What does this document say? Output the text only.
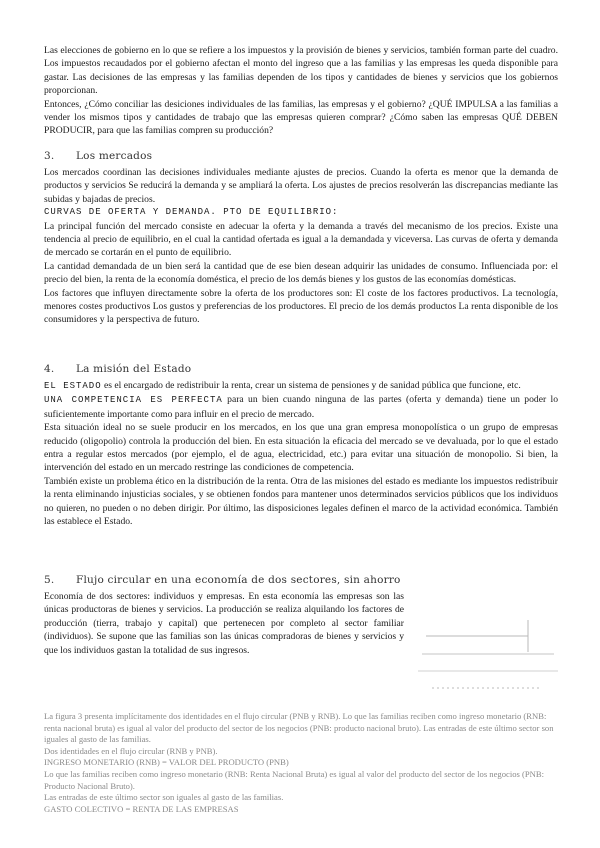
Las elecciones de gobierno en lo que se refiere a los impuestos y la provisión de bienes y servicios, también forman parte del cuadro. Los impuestos recaudados por el gobierno afectan el monto del ingreso que a las familias y las empresas les queda disponible para gastar. Las decisiones de las empresas y las familias dependen de los tipos y cantidades de bienes y servicios que los gobiernos proporcionan.

Entonces, ¿Cómo conciliar las desiciones individuales de las familias, las empresas y el gobierno? ¿QUÉ IMPULSA a las familias a vender los mismos tipos y cantidades de trabajo que las empresas quieren comprar? ¿Cómo saben las empresas QUÉ DEBEN PRODUCIR, para que las familias compren su producción?

3. Los mercados

Los mercados coordinan las decisiones individuales mediante ajustes de precios. Cuando la oferta es menor que la demanda de productos y servicios Se reducirá la demanda y se ampliará la oferta. Los ajustes de precios resolverán las discrepancias mediante las subidas y bajadas de precios.

CURVAS DE OFERTA Y DEMANDA. PTO DE EQUILIBRIO:

La principal función del mercado consiste en adecuar la oferta y la demanda a través del mecanismo de los precios. Existe una tendencia al precio de equilibrio, en el cual la cantidad ofertada es igual a la demandada y viceversa. Las curvas de oferta y demanda de mercado se cortarán en el punto de equilibrio.

La cantidad demandada de un bien será la cantidad que de ese bien desean adquirir las unidades de consumo. Influenciada por: el precio del bien, la renta de la economía doméstica, el precio de los demás bienes y los gustos de las economías domésticas.

Los factores que influyen directamente sobre la oferta de los productores son: El coste de los factores productivos. La tecnología, menores costes productivos Los gustos y preferencias de los productores. El precio de los demás productos La renta disponible de los consumidores y la perspectiva de futuro.

4. La misión del Estado

EL ESTADO es el encargado de redistribuir la renta, crear un sistema de pensiones y de sanidad pública que funcione, etc.

UNA COMPETENCIA ES PERFECTA para un bien cuando ninguna de las partes (oferta y demanda) tiene un poder lo suficientemente importante como para influir en el precio de mercado.

Esta situación ideal no se suele producir en los mercados, en los que una gran empresa monopolística o un grupo de empresas reducido (oligopolio) controla la producción del bien. En esta situación la eficacia del mercado se ve devaluada, por lo que el estado entra a regular estos mercados (por ejemplo, el de agua, electricidad, etc.) para evitar una situación de monopolio. Si bien, la intervención del estado en un mercado restringe las condiciones de competencia.

También existe un problema ético en la distribución de la renta. Otra de las misiones del estado es mediante los impuestos redistribuir la renta eliminando injusticias sociales, y se obtienen fondos para mantener unos determinados servicios públicos que los individuos no quieren, no pueden o no deben dirigir. Por último, las disposiciones legales definen el marco de la actividad económica. También las establece el Estado.

5. Flujo circular en una economía de dos sectores, sin ahorro

Economía de dos sectores: individuos y empresas. En esta economía las empresas son las únicas productoras de bienes y servicios. La producción se realiza alquilando los factores de producción (tierra, trabajo y capital) que pertenecen por completo al sector familiar (individuos). Se supone que las familias son las únicas compradoras de bienes y servicios y que los individuos gastan la totalidad de sus ingresos.

La figura 3 presenta implícitamente dos identidades en el flujo circular (PNB y RNB). Lo que las familias reciben como ingreso monetario (RNB: renta nacional bruta) es igual al valor del producto del sector de los negocios (PNB: producto nacional bruto). Las entradas de este último sector son iguales al gasto de las familias.

Dos identidades en el flujo circular (RNB y PNB).

INGRESO MONETARIO (RNB) = VALOR DEL PRODUCTO (PNB)

Lo que las familias reciben como ingreso monetario (RNB: Renta Nacional Bruta) es igual al valor del producto del sector de los negocios (PNB: Producto Nacional Bruto).

Las entradas de este último sector son iguales al gasto de las familias.

GASTO COLECTIVO = RENTA DE LAS EMPRESAS
